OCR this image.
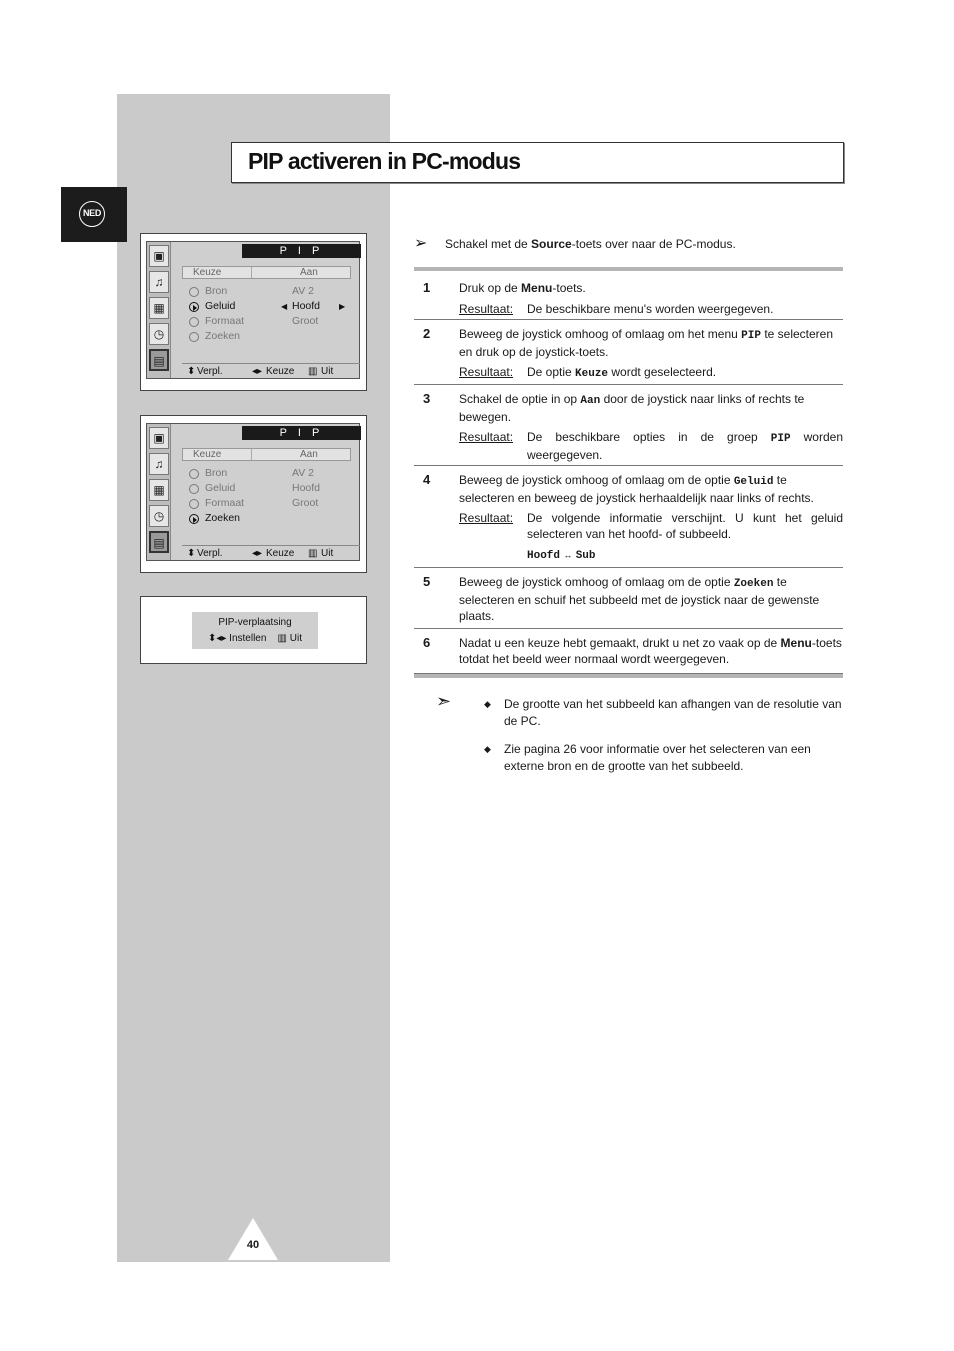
NED
PIP activeren in PC-modus
▣
♫
▦
◷
▤
P I P
Keuze	Aan
Bron	AV 2
Geluid	◀ Hoofd	▶
Formaat	Groot
Zoeken
⬍ Verpl.	◂▸ Keuze ▥ Uit
▣
♫
▦
◷
▤
P I P
Keuze	Aan
Bron	AV 2
Geluid	Hoofd
Formaat	Groot
Zoeken
⬍ Verpl.	◂▸ Keuze ▥ Uit
PIP-verplaatsing
⬍◂▸ Instellen ▥ Uit
➢ Schakel met de Source-toets over naar de PC-modus.
1 Druk op de Menu-toets.
Resultaat: De beschikbare menu's worden weergegeven.
2 Beweeg de joystick omhoog of omlaag om het menu PIP te selecteren en druk op de joystick-toets.
Resultaat: De optie Keuze wordt geselecteerd.
3 Schakel de optie in op Aan door de joystick naar links of rechts te bewegen.
Resultaat: De beschikbare opties in de groep PIP worden weergegeven.
4 Beweeg de joystick omhoog of omlaag om de optie Geluid te selecteren en beweeg de joystick herhaaldelijk naar links of rechts.
Resultaat: De volgende informatie verschijnt. U kunt het geluid selecteren van het hoofd- of subbeeld.
Hoofd ↔ Sub
5 Beweeg de joystick omhoog of omlaag om de optie Zoeken te selecteren en schuif het subbeeld met de joystick naar de gewenste plaats.
6 Nadat u een keuze hebt gemaakt, drukt u net zo vaak op de Menu-toets totdat het beeld weer normaal wordt weergegeven.
➣	◆ De grootte van het subbeeld kan afhangen van de resolutie van de PC.
◆ Zie pagina 26 voor informatie over het selecteren van een externe bron en de grootte van het subbeeld.
40
